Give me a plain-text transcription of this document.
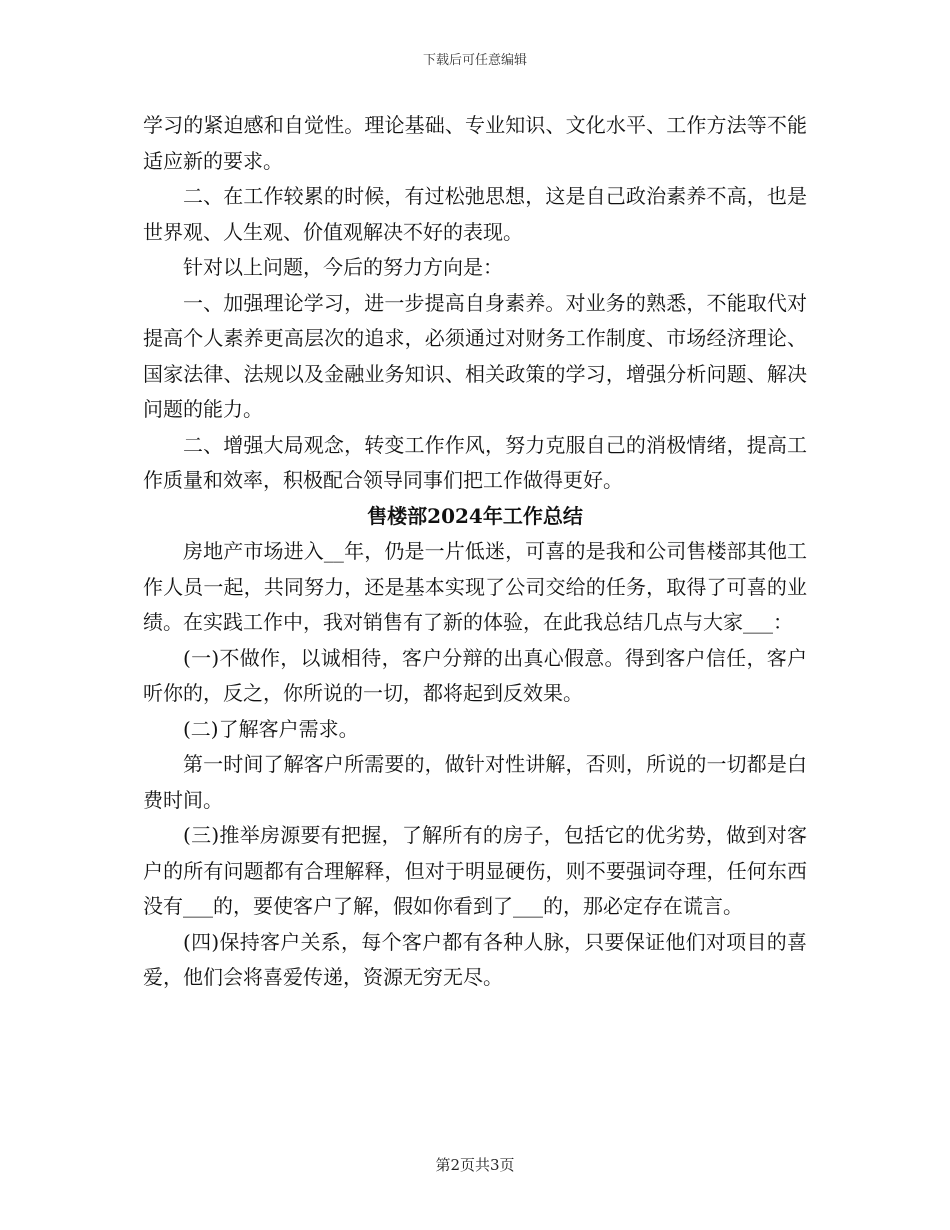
下载后可任意编辑

学习的紧迫感和自觉性。理论基础、专业知识、文化水平、工作方法等不能适应新的要求。

二、在工作较累的时候，有过松弛思想，这是自己政治素养不高，也是世界观、人生观、价值观解决不好的表现。

针对以上问题，今后的努力方向是：

一、加强理论学习，进一步提高自身素养。对业务的熟悉，不能取代对提高个人素养更高层次的追求，必须通过对财务工作制度、市场经济理论、国家法律、法规以及金融业务知识、相关政策的学习，增强分析问题、解决问题的能力。

二、增强大局观念，转变工作作风，努力克服自己的消极情绪，提高工作质量和效率，积极配合领导同事们把工作做得更好。

售楼部2024年工作总结

房地产市场进入__年，仍是一片低迷，可喜的是我和公司售楼部其他工作人员一起，共同努力，还是基本实现了公司交给的任务，取得了可喜的业绩。在实践工作中，我对销售有了新的体验，在此我总结几点与大家___：

(一)不做作，以诚相待，客户分辩的出真心假意。得到客户信任，客户听你的，反之，你所说的一切，都将起到反效果。

(二)了解客户需求。

第一时间了解客户所需要的，做针对性讲解，否则，所说的一切都是白费时间。

(三)推举房源要有把握，了解所有的房子，包括它的优劣势，做到对客户的所有问题都有合理解释，但对于明显硬伤，则不要强词夺理，任何东西没有___的，要使客户了解，假如你看到了___的，那必定存在谎言。

(四)保持客户关系，每个客户都有各种人脉，只要保证他们对项目的喜爱，他们会将喜爱传递，资源无穷无尽。

第2页共3页
